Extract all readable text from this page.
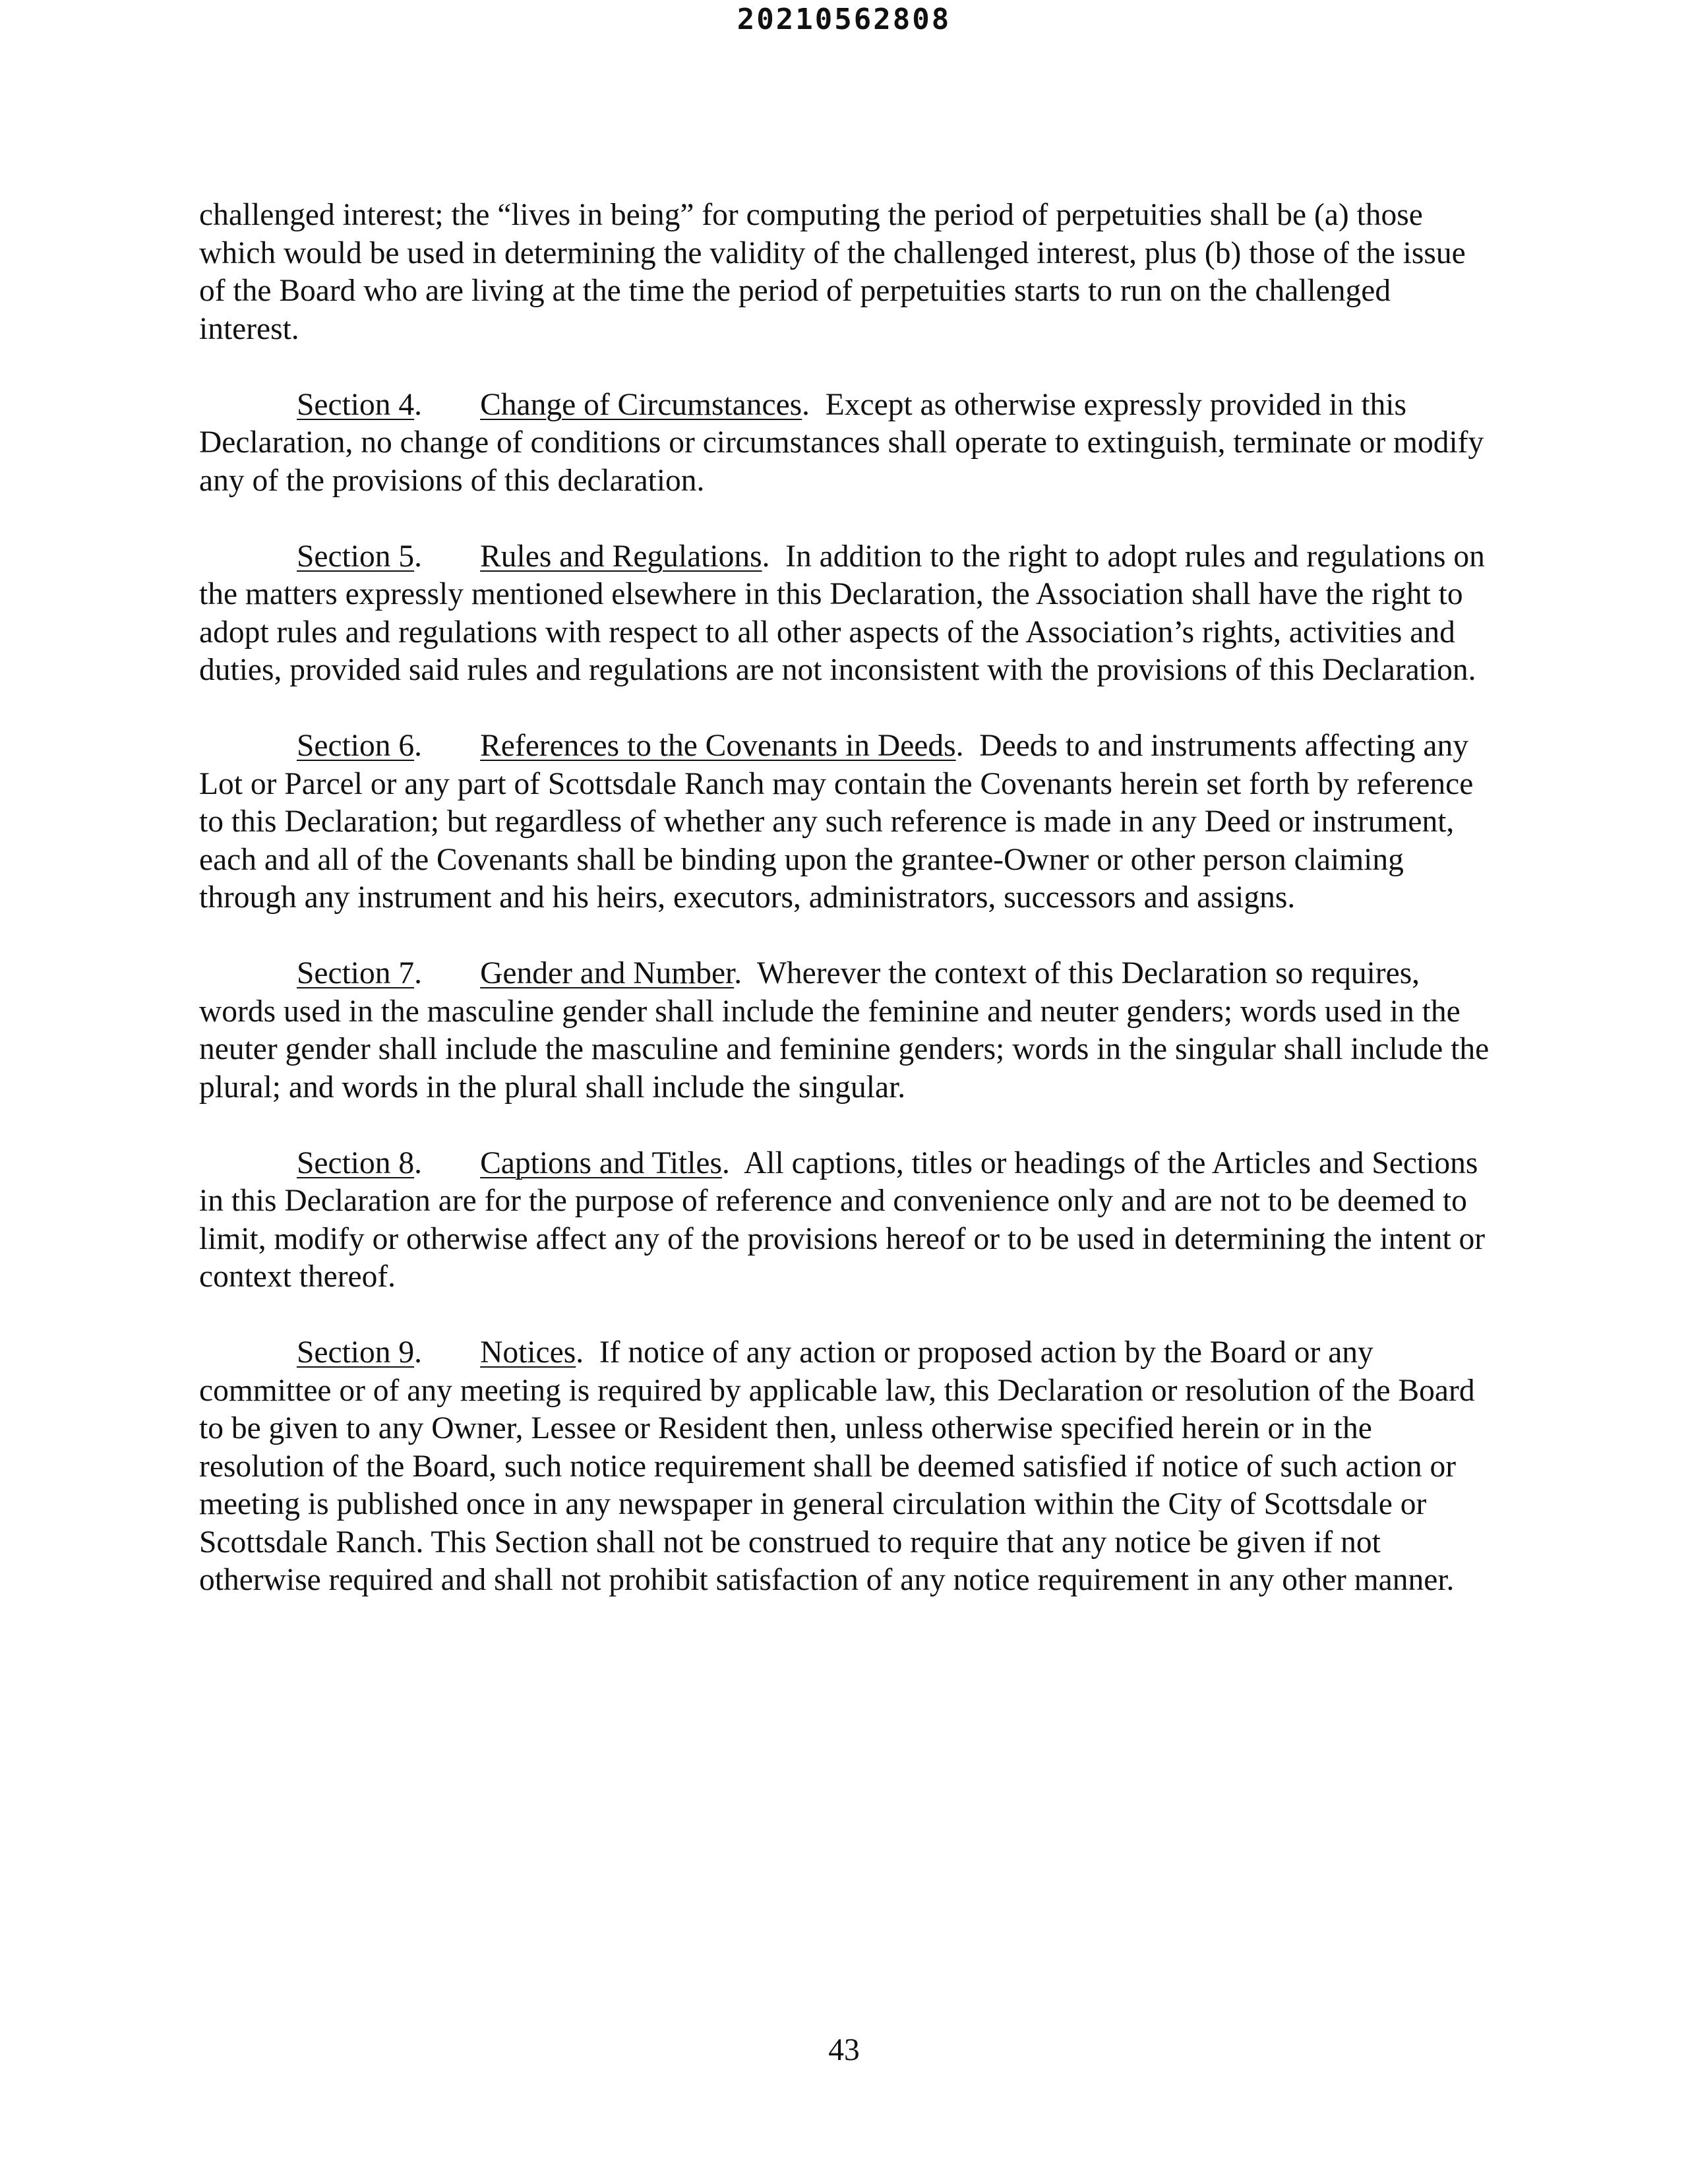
20210562808

challenged interest; the “lives in being” for computing the period of perpetuities shall be (a) those which would be used in determining the validity of the challenged interest, plus (b) those of the issue of the Board who are living at the time the period of perpetuities starts to run on the challenged interest.

Section 4. Change of Circumstances.  Except as otherwise expressly provided in this Declaration, no change of conditions or circumstances shall operate to extinguish, terminate or modify any of the provisions of this declaration.

Section 5. Rules and Regulations.  In addition to the right to adopt rules and regulations on the matters expressly mentioned elsewhere in this Declaration, the Association shall have the right to adopt rules and regulations with respect to all other aspects of the Association’s rights, activities and duties, provided said rules and regulations are not inconsistent with the provisions of this Declaration.

Section 6. References to the Covenants in Deeds.  Deeds to and instruments affecting any Lot or Parcel or any part of Scottsdale Ranch may contain the Covenants herein set forth by reference to this Declaration; but regardless of whether any such reference is made in any Deed or instrument, each and all of the Covenants shall be binding upon the grantee-Owner or other person claiming through any instrument and his heirs, executors, administrators, successors and assigns.

Section 7. Gender and Number.  Wherever the context of this Declaration so requires, words used in the masculine gender shall include the feminine and neuter genders; words used in the neuter gender shall include the masculine and feminine genders; words in the singular shall include the plural; and words in the plural shall include the singular.

Section 8. Captions and Titles.  All captions, titles or headings of the Articles and Sections in this Declaration are for the purpose of reference and convenience only and are not to be deemed to limit, modify or otherwise affect any of the provisions hereof or to be used in determining the intent or context thereof.

Section 9. Notices.  If notice of any action or proposed action by the Board or any committee or of any meeting is required by applicable law, this Declaration or resolution of the Board to be given to any Owner, Lessee or Resident then, unless otherwise specified herein or in the resolution of the Board, such notice requirement shall be deemed satisfied if notice of such action or meeting is published once in any newspaper in general circulation within the City of Scottsdale or Scottsdale Ranch. This Section shall not be construed to require that any notice be given if not otherwise required and shall not prohibit satisfaction of any notice requirement in any other manner.

43
